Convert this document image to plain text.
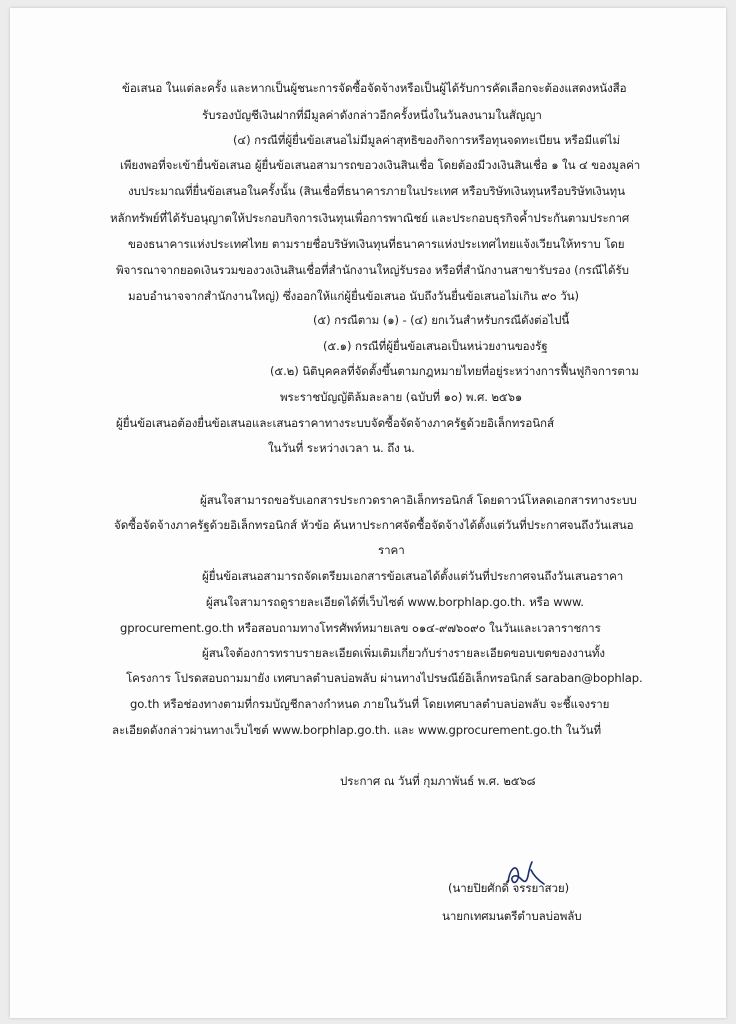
ข้อเสนอ ในแต่ละครั้ง และหากเป็นผู้ชนะการจัดซื้อจัดจ้างหรือเป็นผู้ได้รับการคัดเลือกจะต้องแสดงหนังสือ
รับรองบัญชีเงินฝากที่มีมูลค่าดังกล่าวอีกครั้งหนึ่งในวันลงนามในสัญญา
(๔) กรณีที่ผู้ยื่นข้อเสนอไม่มีมูลค่าสุทธิของกิจการหรือทุนจดทะเบียน หรือมีแต่ไม่
เพียงพอที่จะเข้ายื่นข้อเสนอ ผู้ยื่นข้อเสนอสามารถขอวงเงินสินเชื่อ โดยต้องมีวงเงินสินเชื่อ ๑ ใน ๔ ของมูลค่า
งบประมาณที่ยื่นข้อเสนอในครั้งนั้น (สินเชื่อที่ธนาคารภายในประเทศ หรือบริษัทเงินทุนหรือบริษัทเงินทุน
หลักทรัพย์ที่ได้รับอนุญาตให้ประกอบกิจการเงินทุนเพื่อการพาณิชย์ และประกอบธุรกิจค้ำประกันตามประกาศ
ของธนาคารแห่งประเทศไทย ตามรายชื่อบริษัทเงินทุนที่ธนาคารแห่งประเทศไทยแจ้งเวียนให้ทราบ โดย
พิจารณาจากยอดเงินรวมของวงเงินสินเชื่อที่สำนักงานใหญ่รับรอง หรือที่สำนักงานสาขารับรอง (กรณีได้รับ
มอบอำนาจจากสำนักงานใหญ่) ซึ่งออกให้แก่ผู้ยื่นข้อเสนอ นับถึงวันยื่นข้อเสนอไม่เกิน ๙๐ วัน)
(๕) กรณีตาม (๑) - (๔) ยกเว้นสำหรับกรณีดังต่อไปนี้
(๕.๑) กรณีที่ผู้ยื่นข้อเสนอเป็นหน่วยงานของรัฐ
(๕.๒) นิติบุคคลที่จัดตั้งขึ้นตามกฎหมายไทยที่อยู่ระหว่างการฟื้นฟูกิจการตาม
พระราชบัญญัติล้มละลาย (ฉบับที่ ๑๐) พ.ศ. ๒๕๖๑
ผู้ยื่นข้อเสนอต้องยื่นข้อเสนอและเสนอราคาทางระบบจัดซื้อจัดจ้างภาครัฐด้วยอิเล็กทรอนิกส์
ในวันที่ ระหว่างเวลา น. ถึง น.
ผู้สนใจสามารถขอรับเอกสารประกวดราคาอิเล็กทรอนิกส์ โดยดาวน์โหลดเอกสารทางระบบ
จัดซื้อจัดจ้างภาครัฐด้วยอิเล็กทรอนิกส์ หัวข้อ ค้นหาประกาศจัดซื้อจัดจ้างได้ตั้งแต่วันที่ประกาศจนถึงวันเสนอ
ราคา
ผู้ยื่นข้อเสนอสามารถจัดเตรียมเอกสารข้อเสนอได้ตั้งแต่วันที่ประกาศจนถึงวันเสนอราคา
ผู้สนใจสามารถดูรายละเอียดได้ที่เว็บไซต์ www.borphlap.go.th. หรือ www.
gprocurement.go.th หรือสอบถามทางโทรศัพท์หมายเลข ๐๑๔-๙๗๖๐๙๐ ในวันและเวลาราชการ
ผู้สนใจต้องการทราบรายละเอียดเพิ่มเติมเกี่ยวกับร่างรายละเอียดขอบเขตของงานทั้ง
โครงการ โปรดสอบถามมายัง เทศบาลตำบลบ่อพลับ ผ่านทางไปรษณีย์อิเล็กทรอนิกส์ saraban@bophlap.
go.th หรือช่องทางตามที่กรมบัญชีกลางกำหนด ภายในวันที่ โดยเทศบาลตำบลบ่อพลับ จะชี้แจงราย
ละเอียดดังกล่าวผ่านทางเว็บไซต์ www.borphlap.go.th. และ www.gprocurement.go.th ในวันที่
ประกาศ ณ วันที่ กุมภาพันธ์ พ.ศ. ๒๕๖๘
(นายปิยศักดิ์ จรรยาสวย)
นายกเทศมนตรีตำบลบ่อพลับ
